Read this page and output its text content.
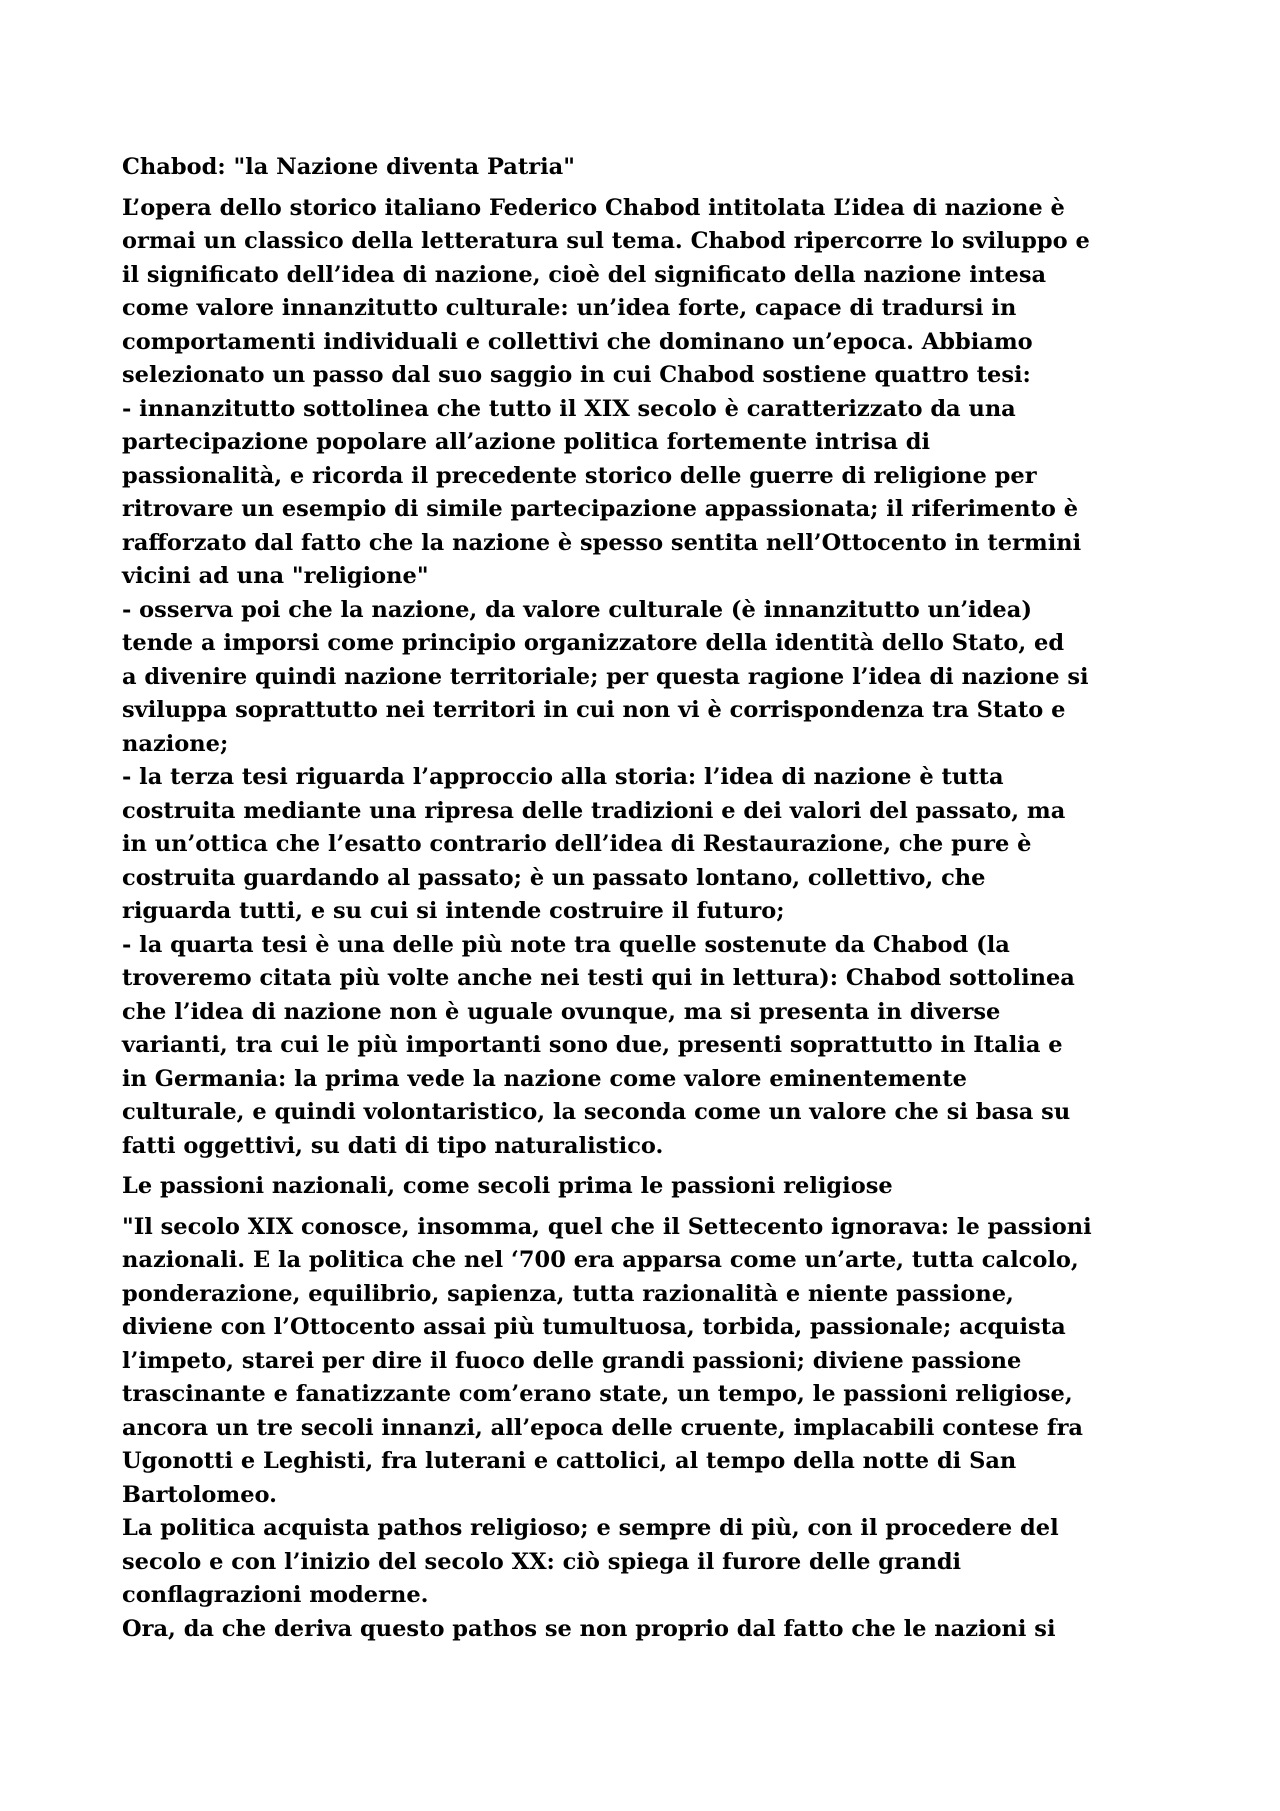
Chabod: "la Nazione diventa Patria"
L’opera dello storico italiano Federico Chabod intitolata L’idea di nazione è
ormai un classico della letteratura sul tema. Chabod ripercorre lo sviluppo e
il significato dell’idea di nazione, cioè del significato della nazione intesa
come valore innanzitutto culturale: un’idea forte, capace di tradursi in
comportamenti individuali e collettivi che dominano un’epoca. Abbiamo
selezionato un passo dal suo saggio in cui Chabod sostiene quattro tesi:
- innanzitutto sottolinea che tutto il XIX secolo è caratterizzato da una
partecipazione popolare all’azione politica fortemente intrisa di
passionalità, e ricorda il precedente storico delle guerre di religione per
ritrovare un esempio di simile partecipazione appassionata; il riferimento è
rafforzato dal fatto che la nazione è spesso sentita nell’Ottocento in termini
vicini ad una "religione"
- osserva poi che la nazione, da valore culturale (è innanzitutto un’idea)
tende a imporsi come principio organizzatore della identità dello Stato, ed
a divenire quindi nazione territoriale; per questa ragione l’idea di nazione si
sviluppa soprattutto nei territori in cui non vi è corrispondenza tra Stato e
nazione;
- la terza tesi riguarda l’approccio alla storia: l’idea di nazione è tutta
costruita mediante una ripresa delle tradizioni e dei valori del passato, ma
in un’ottica che l’esatto contrario dell’idea di Restaurazione, che pure è
costruita guardando al passato; è un passato lontano, collettivo, che
riguarda tutti, e su cui si intende costruire il futuro;
- la quarta tesi è una delle più note tra quelle sostenute da Chabod (la
troveremo citata più volte anche nei testi qui in lettura): Chabod sottolinea
che l’idea di nazione non è uguale ovunque, ma si presenta in diverse
varianti, tra cui le più importanti sono due, presenti soprattutto in Italia e
in Germania: la prima vede la nazione come valore eminentemente
culturale, e quindi volontaristico, la seconda come un valore che si basa su
fatti oggettivi, su dati di tipo naturalistico.
Le passioni nazionali, come secoli prima le passioni religiose
"Il secolo XIX conosce, insomma, quel che il Settecento ignorava: le passioni
nazionali. E la politica che nel ‘700 era apparsa come un’arte, tutta calcolo,
ponderazione, equilibrio, sapienza, tutta razionalità e niente passione,
diviene con l’Ottocento assai più tumultuosa, torbida, passionale; acquista
l’impeto, starei per dire il fuoco delle grandi passioni; diviene passione
trascinante e fanatizzante com’erano state, un tempo, le passioni religiose,
ancora un tre secoli innanzi, all’epoca delle cruente, implacabili contese fra
Ugonotti e Leghisti, fra luterani e cattolici, al tempo della notte di San
Bartolomeo.
La politica acquista pathos religioso; e sempre di più, con il procedere del
secolo e con l’inizio del secolo XX: ciò spiega il furore delle grandi
conflagrazioni moderne.
Ora, da che deriva questo pathos se non proprio dal fatto che le nazioni si
